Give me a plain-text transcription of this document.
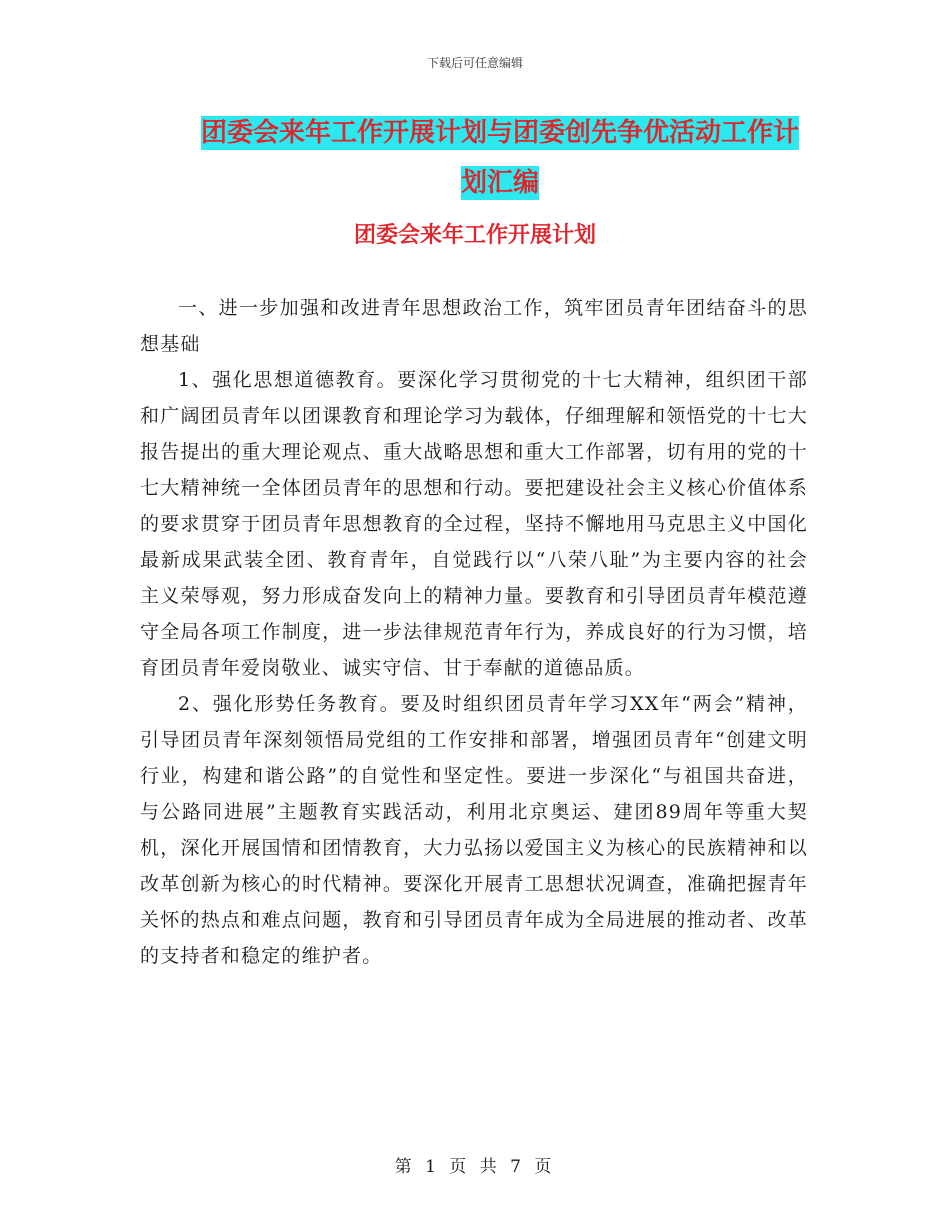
下载后可任意编辑
团委会来年工作开展计划与团委创先争优活动工作计划汇编
团委会来年工作开展计划

一、进一步加强和改进青年思想政治工作，筑牢团员青年团结奋斗的思想基础

1、强化思想道德教育。要深化学习贯彻党的十七大精神，组织团干部和广阔团员青年以团课教育和理论学习为载体，仔细理解和领悟党的十七大报告提出的重大理论观点、重大战略思想和重大工作部署，切有用的党的十七大精神统一全体团员青年的思想和行动。要把建设社会主义核心价值体系的要求贯穿于团员青年思想教育的全过程，坚持不懈地用马克思主义中国化最新成果武装全团、教育青年，自觉践行以“八荣八耻”为主要内容的社会主义荣辱观，努力形成奋发向上的精神力量。要教育和引导团员青年模范遵守全局各项工作制度，进一步法律规范青年行为，养成良好的行为习惯，培育团员青年爱岗敬业、诚实守信、甘于奉献的道德品质。

2、强化形势任务教育。要及时组织团员青年学习XX年“两会”精神，引导团员青年深刻领悟局党组的工作安排和部署，增强团员青年“创建文明行业，构建和谐公路”的自觉性和坚定性。要进一步深化“与祖国共奋进，与公路同进展”主题教育实践活动，利用北京奥运、建团89周年等重大契机，深化开展国情和团情教育，大力弘扬以爱国主义为核心的民族精神和以改革创新为核心的时代精神。要深化开展青工思想状况调查，准确把握青年关怀的热点和难点问题，教育和引导团员青年成为全局进展的推动者、改革的支持者和稳定的维护者。

第 1 页 共 7 页
